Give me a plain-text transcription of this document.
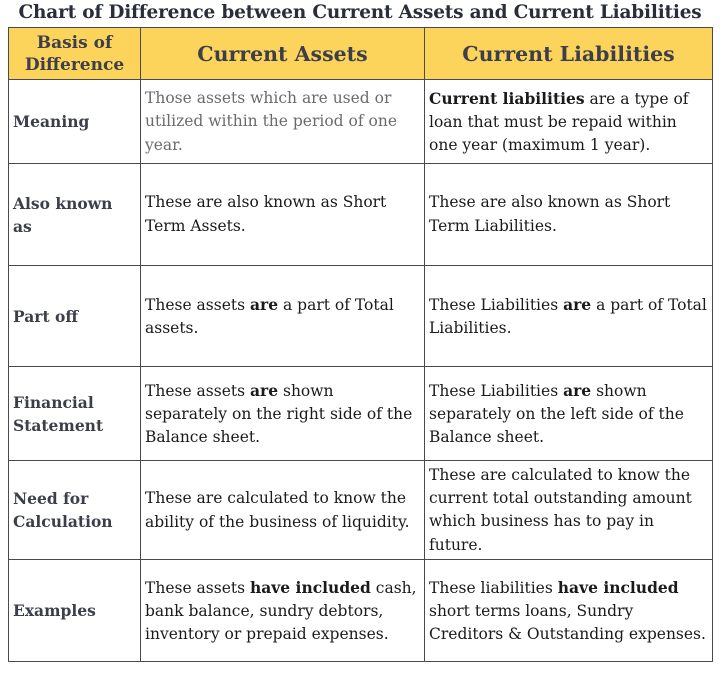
Chart of Difference between Current Assets and Current Liabilities
Basis of Difference	Current Assets	Current Liabilities
Meaning	Those assets which are used or utilized within the period of one year.	Current liabilities are a type of loan that must be repaid within one year (maximum 1 year).
Also known as	These are also known as Short Term Assets.	These are also known as Short Term Liabilities.
Part off	These assets are a part of Total assets.	These Liabilities are a part of Total Liabilities.
Financial Statement	These assets are shown separately on the right side of the Balance sheet.	These Liabilities are shown separately on the left side of the Balance sheet.
Need for Calculation	These are calculated to know the ability of the business of liquidity.	These are calculated to know the current total outstanding amount which business has to pay in future.
Examples	These assets have included cash, bank balance, sundry debtors, inventory or prepaid expenses.	These liabilities have included short terms loans, Sundry Creditors & Outstanding expenses.
